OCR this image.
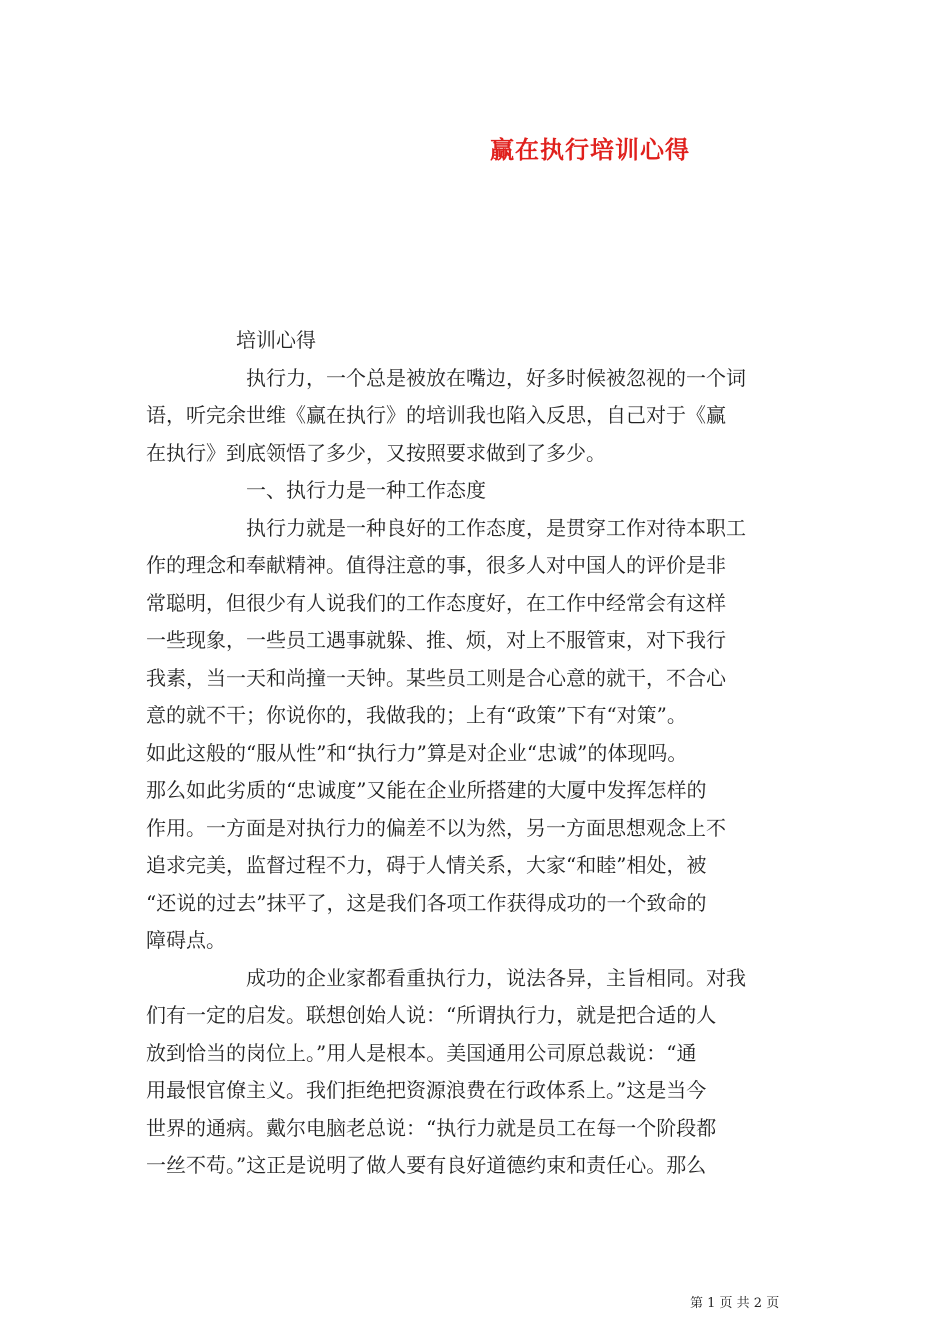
赢在执行培训心得

培训心得

执行力，一个总是被放在嘴边，好多时候被忽视的一个词
语，听完余世维《赢在执行》的培训我也陷入反思，自己对于《赢
在执行》到底领悟了多少，又按照要求做到了多少。

一、执行力是一种工作态度

执行力就是一种良好的工作态度，是贯穿工作对待本职工
作的理念和奉献精神。值得注意的事，很多人对中国人的评价是非
常聪明，但很少有人说我们的工作态度好，在工作中经常会有这样
一些现象，一些员工遇事就躲、推、烦，对上不服管束，对下我行
我素，当一天和尚撞一天钟。某些员工则是合心意的就干，不合心
意的就不干；你说你的，我做我的；上有“政策”下有“对策”。
如此这般的“服从性”和“执行力”算是对企业“忠诚”的体现吗。
那么如此劣质的“忠诚度”又能在企业所搭建的大厦中发挥怎样的
作用。一方面是对执行力的偏差不以为然，另一方面思想观念上不
追求完美，监督过程不力，碍于人情关系，大家“和睦”相处，被
“还说的过去”抹平了，这是我们各项工作获得成功的一个致命的
障碍点。

成功的企业家都看重执行力，说法各异，主旨相同。对我
们有一定的启发。联想创始人说：“所谓执行力，就是把合适的人
放到恰当的岗位上。”用人是根本。美国通用公司原总裁说：“通
用最恨官僚主义。我们拒绝把资源浪费在行政体系上。”这是当今
世界的通病。戴尔电脑老总说：“执行力就是员工在每一个阶段都
一丝不苟。”这正是说明了做人要有良好道德约束和责任心。那么

第 1 页 共 2 页
